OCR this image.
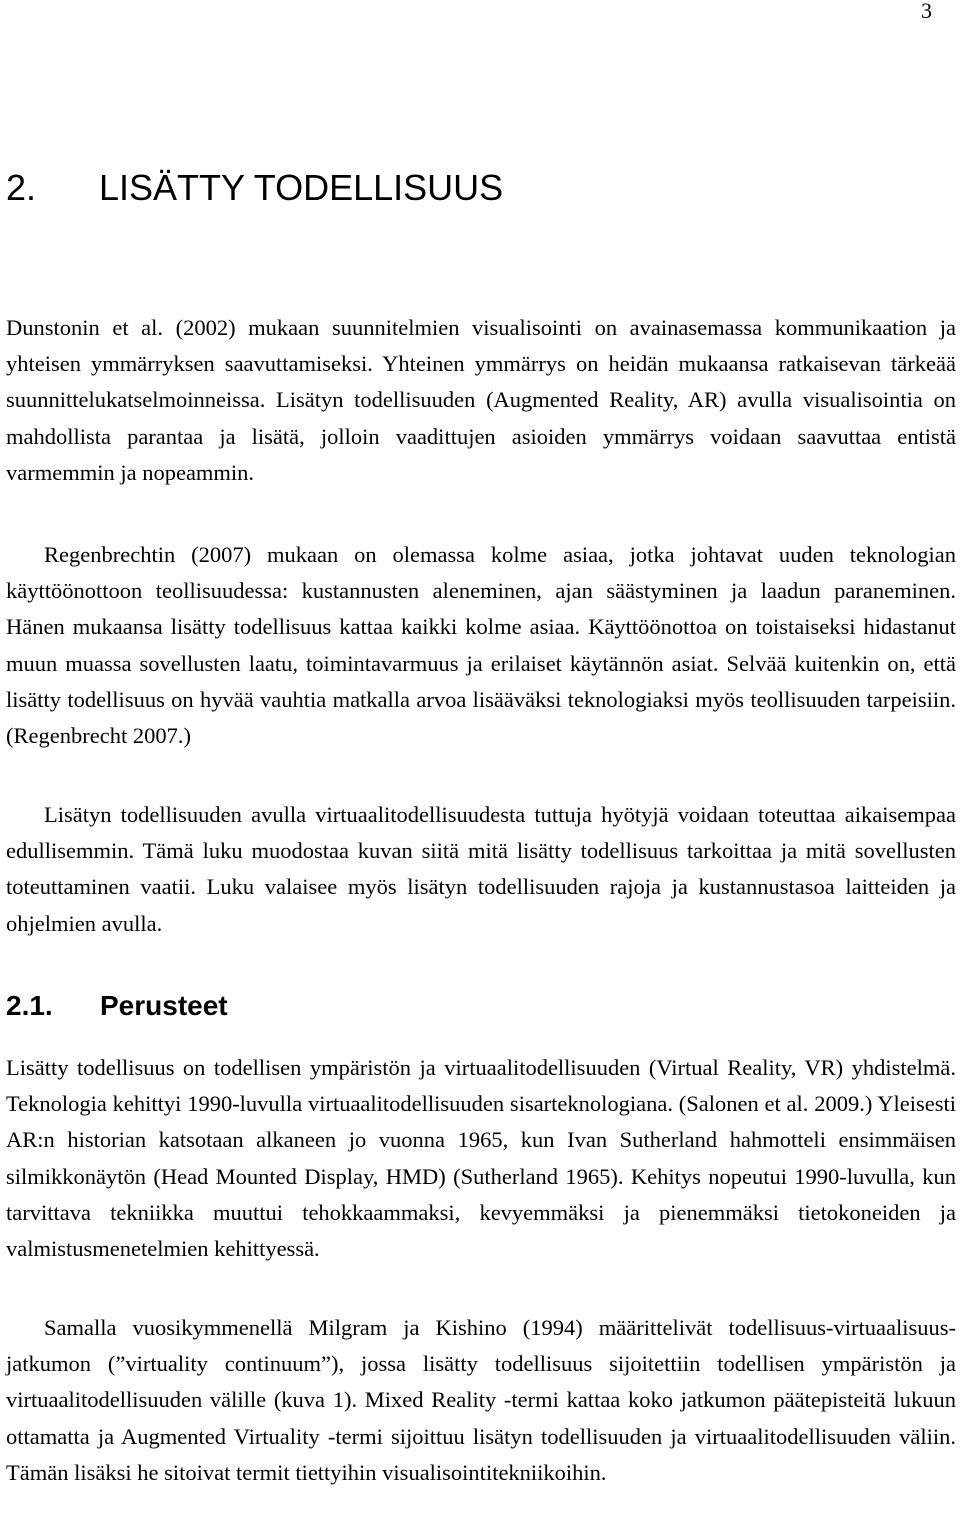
3
2. LISÄTTY TODELLISUUS

Dunstonin et al. (2002) mukaan suunnitelmien visualisointi on avainasemassa kommunikaation ja yhteisen ymmärryksen saavuttamiseksi. Yhteinen ymmärrys on heidän mukaansa ratkaisevan tärkeää suunnittelukatselmoinneissa. Lisätyn todellisuuden (Augmented Reality, AR) avulla visualisointia on mahdollista parantaa ja lisätä, jolloin vaadittujen asioiden ymmärrys voidaan saavuttaa entistä varmemmin ja nopeammin.

Regenbrechtin (2007) mukaan on olemassa kolme asiaa, jotka johtavat uuden teknologian käyttöönottoon teollisuudessa: kustannusten aleneminen, ajan säästyminen ja laadun paraneminen. Hänen mukaansa lisätty todellisuus kattaa kaikki kolme asiaa. Käyttöönottoa on toistaiseksi hidastanut muun muassa sovellusten laatu, toimintavarmuus ja erilaiset käytännön asiat. Selvää kuitenkin on, että lisätty todellisuus on hyvää vauhtia matkalla arvoa lisääväksi teknologiaksi myös teollisuuden tarpeisiin. (Regenbrecht 2007.)

Lisätyn todellisuuden avulla virtuaalitodellisuudesta tuttuja hyötyjä voidaan toteuttaa aikaisempaa edullisemmin. Tämä luku muodostaa kuvan siitä mitä lisätty todellisuus tarkoittaa ja mitä sovellusten toteuttaminen vaatii. Luku valaisee myös lisätyn todellisuuden rajoja ja kustannustasoa laitteiden ja ohjelmien avulla.

2.1. Perusteet

Lisätty todellisuus on todellisen ympäristön ja virtuaalitodellisuuden (Virtual Reality, VR) yhdistelmä. Teknologia kehittyi 1990-luvulla virtuaalitodellisuuden sisarteknologiana. (Salonen et al. 2009.) Yleisesti AR:n historian katsotaan alkaneen jo vuonna 1965, kun Ivan Sutherland hahmotteli ensimmäisen silmikkonäytön (Head Mounted Display, HMD) (Sutherland 1965). Kehitys nopeutui 1990-luvulla, kun tarvittava tekniikka muuttui tehokkaammaksi, kevyemmäksi ja pienemmäksi tietokoneiden ja valmistusmenetelmien kehittyessä.

Samalla vuosikymmenellä Milgram ja Kishino (1994) määrittelivät todellisuus-virtuaalisuus-jatkumon (”virtuality continuum”), jossa lisätty todellisuus sijoitettiin todellisen ympäristön ja virtuaalitodellisuuden välille (kuva 1). Mixed Reality -termi kattaa koko jatkumon päätepisteitä lukuun ottamatta ja Augmented Virtuality -termi sijoittuu lisätyn todellisuuden ja virtuaalitodellisuuden väliin. Tämän lisäksi he sitoivat termit tiettyihin visualisointitekniikoihin.
